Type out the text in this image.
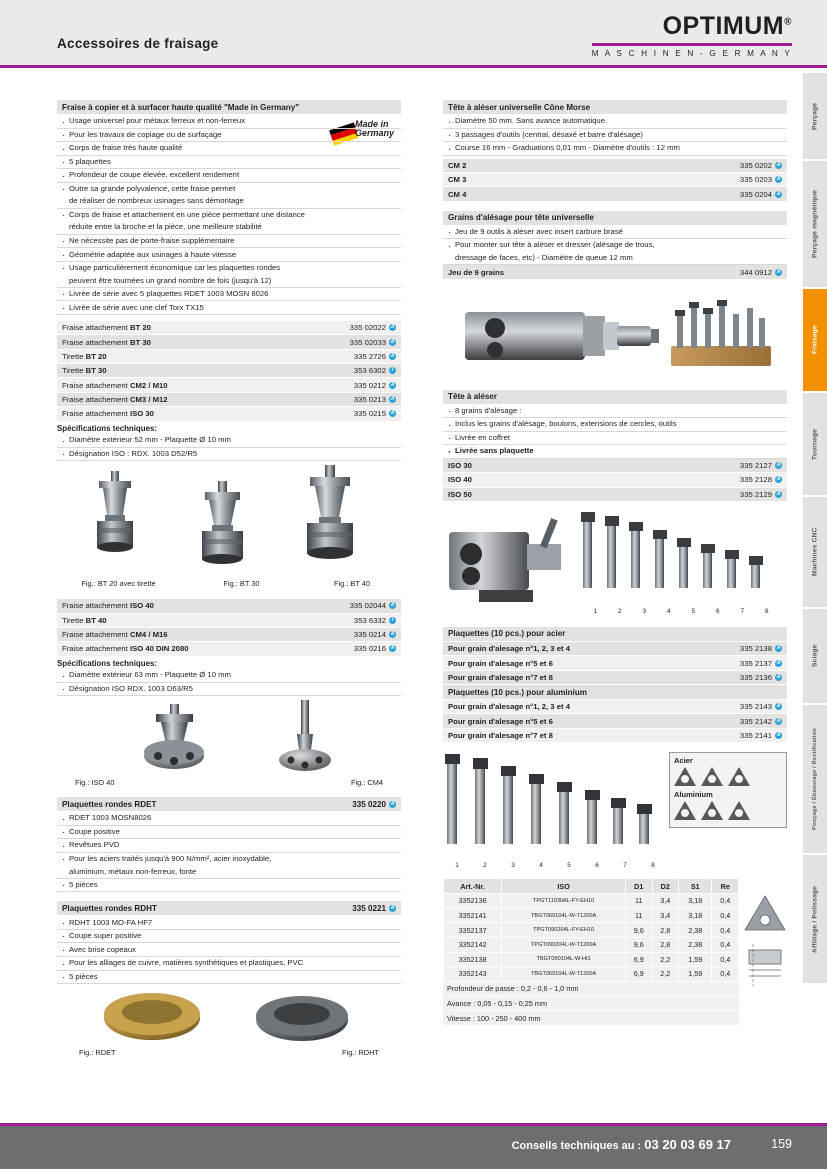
Accessoires de fraisage
OPTIMUM®
M A S C H I N E N - G E R M A N Y
Perçage
Perçage magnétique
Fraisage
Tournage
Machines CNC
Sciage
Ponçage / Ébavurage / Rectification
Affûtage / Polissage
Fraise à copier et à surfacer haute qualité "Made in Germany"
Made in
Germany
· Usage universel pour métaux ferreux et non-ferreux
· Pour les travaux de copiage ou de surfaçage
· Corps de fraise très haute qualité
· 5 plaquettes
· Profondeur de coupe élevée, excellent rendement
· Outre sa grande polyvalence, cette fraise permet
de réaliser de nombreux usinages sans démontage
· Corps de fraise et attachement en une pièce permettant une distance
réduite entre la broche et la pièce, une meilleure stabilité
· Ne nécessite pas de porte-fraise supplémentaire
· Géométrie adaptée aux usinages à haute vitesse
· Usage particulièrement économique car les plaquettes rondes
peuvent être tournées un grand nombre de fois (jusqu'à 12)
· Livrée de série avec 5 plaquettes RDET 1003 MOSN 8026
· Livrée de série avec une clef Torx TX15
Fraise attachement BT 20	335 02022 A
Fraise attachement BT 30	335 02033 A
Tirette BT 20	335 2726 A
Tirette BT 30	353 6302	i
Fraise attachement CM2 / M10	335 0212 A
Fraise attachement CM3 / M12	335 0213 A
Fraise attachement ISO 30	335 0215 A
Spécifications techniques:
· Diamètre extérieur 52 mm - Plaquette Ø 10 mm
· Désignation ISO : RDX. 1003 D52/R5
Fig.: BT 20 avec tirette	Fig.: BT 30	Fig.: BT 40
Fraise attachement ISO 40	335 02044 A
Tirette BT 40	353 6332	i
Fraise attachement CM4 / M16	335 0214 A
Fraise attachement ISO 40 DIN 2080	335 0216 A
Spécifications techniques:
· Diamètre extérieur 63 mm - Plaquette Ø 10 mm
· Désignation ISO RDX. 1003 D63/R5
Fig.: ISO 40	Fig.: CM4
Plaquettes rondes RDET	335 0220 A
· RDET 1003 MOSN8026
· Coupe positive
· Revêtues PVD
· Pour les aciers traités jusqu'à 900 N/mm², acier inoxydable,
aluminium, métaux non-ferreux, fonte
· 5 pièces
Plaquettes rondes RDHT	335 0221 A
· RDHT 1003 MO-FA HF7
· Coupe super positive
· Avec brise copeaux
· Pour les alliages de cuivre, matières synthétiques et plastiques, PVC
· 5 pièces
Fig.: RDET	Fig.: RDHT
Tête à aléser universelle Cône Morse
· Diamètre 50 mm. Sans avance automatique.
· 3 passages d'outils (central, désaxé et barre d'alésage)
· Course 16 mm - Graduations 0,01 mm - Diamètre d'outils : 12 mm
CM 2	335 0202 A
CM 3	335 0203 A
CM 4	335 0204 A
Grains d'alésage pour tête universelle
· Jeu de 9 outils à aléser avec insert carbure brasé
· Pour monter sur tête à aléser et dresser (alésage de trous,
dressage de faces, etc) - Diamètre de queue 12 mm
Jeu de 9 grains	344 0912 A
Tête à aléser
· 8 grains d'alésage :
· Inclus les grains d'alésage, boulons, extensions de cercles, outils
· Livrée en coffret
· Livrée sans plaquette
ISO 30	335 2127 A
ISO 40	335 2128 A
ISO 50	335 2129 A
1	2	3	4	5	6	7	8
Plaquettes (10 pcs.) pour acier
Pour grain d'alesage n°1, 2, 3 et 4	335 2138 A
Pour grain d'alesage n°5 et 6	335 2137 A
Pour grain d'alesage n°7 et 8	335 2136 A
Plaquettes (10 pcs.) pour aluminium
Pour grain d'alesage n°1, 2, 3 et 4	335 2143 A
Pour grain d'alesage n°5 et 6	335 2142 A
Pour grain d'alesage n°7 et 8	335 2141 A
1	2	3	4	5	6	7	8
Acier
Aluminium
Art.-Nr.	ISO	D1	D2	S1	Re
3352136	TPGT11030AL-FY-EH10	11	3,4	3,18	0,4
3352141	TBGT060104L-W-T1200A	11	3,4	3,18	0,4
3352137	TPGT090204L-FY-EH10	9,6	2,8	2,38	0,4
3352142	TPGT090204L-W-T1200A	9,6	2,8	2,38	0,4
3352138	TBGT060104L-W-Ht1	6,9	2,2	1,59	0,4
3352143	TBGT060104L-W-T1200A	6,9	2,2	1,59	0,4
Profondeur de passe : 0,2 - 0,6 - 1,0 mm
Avance : 0,05 - 0,15 - 0,25 mm
Vitesse : 100 - 250 - 400 mm
Conseils techniques au : 03 20 03 69 17	159
